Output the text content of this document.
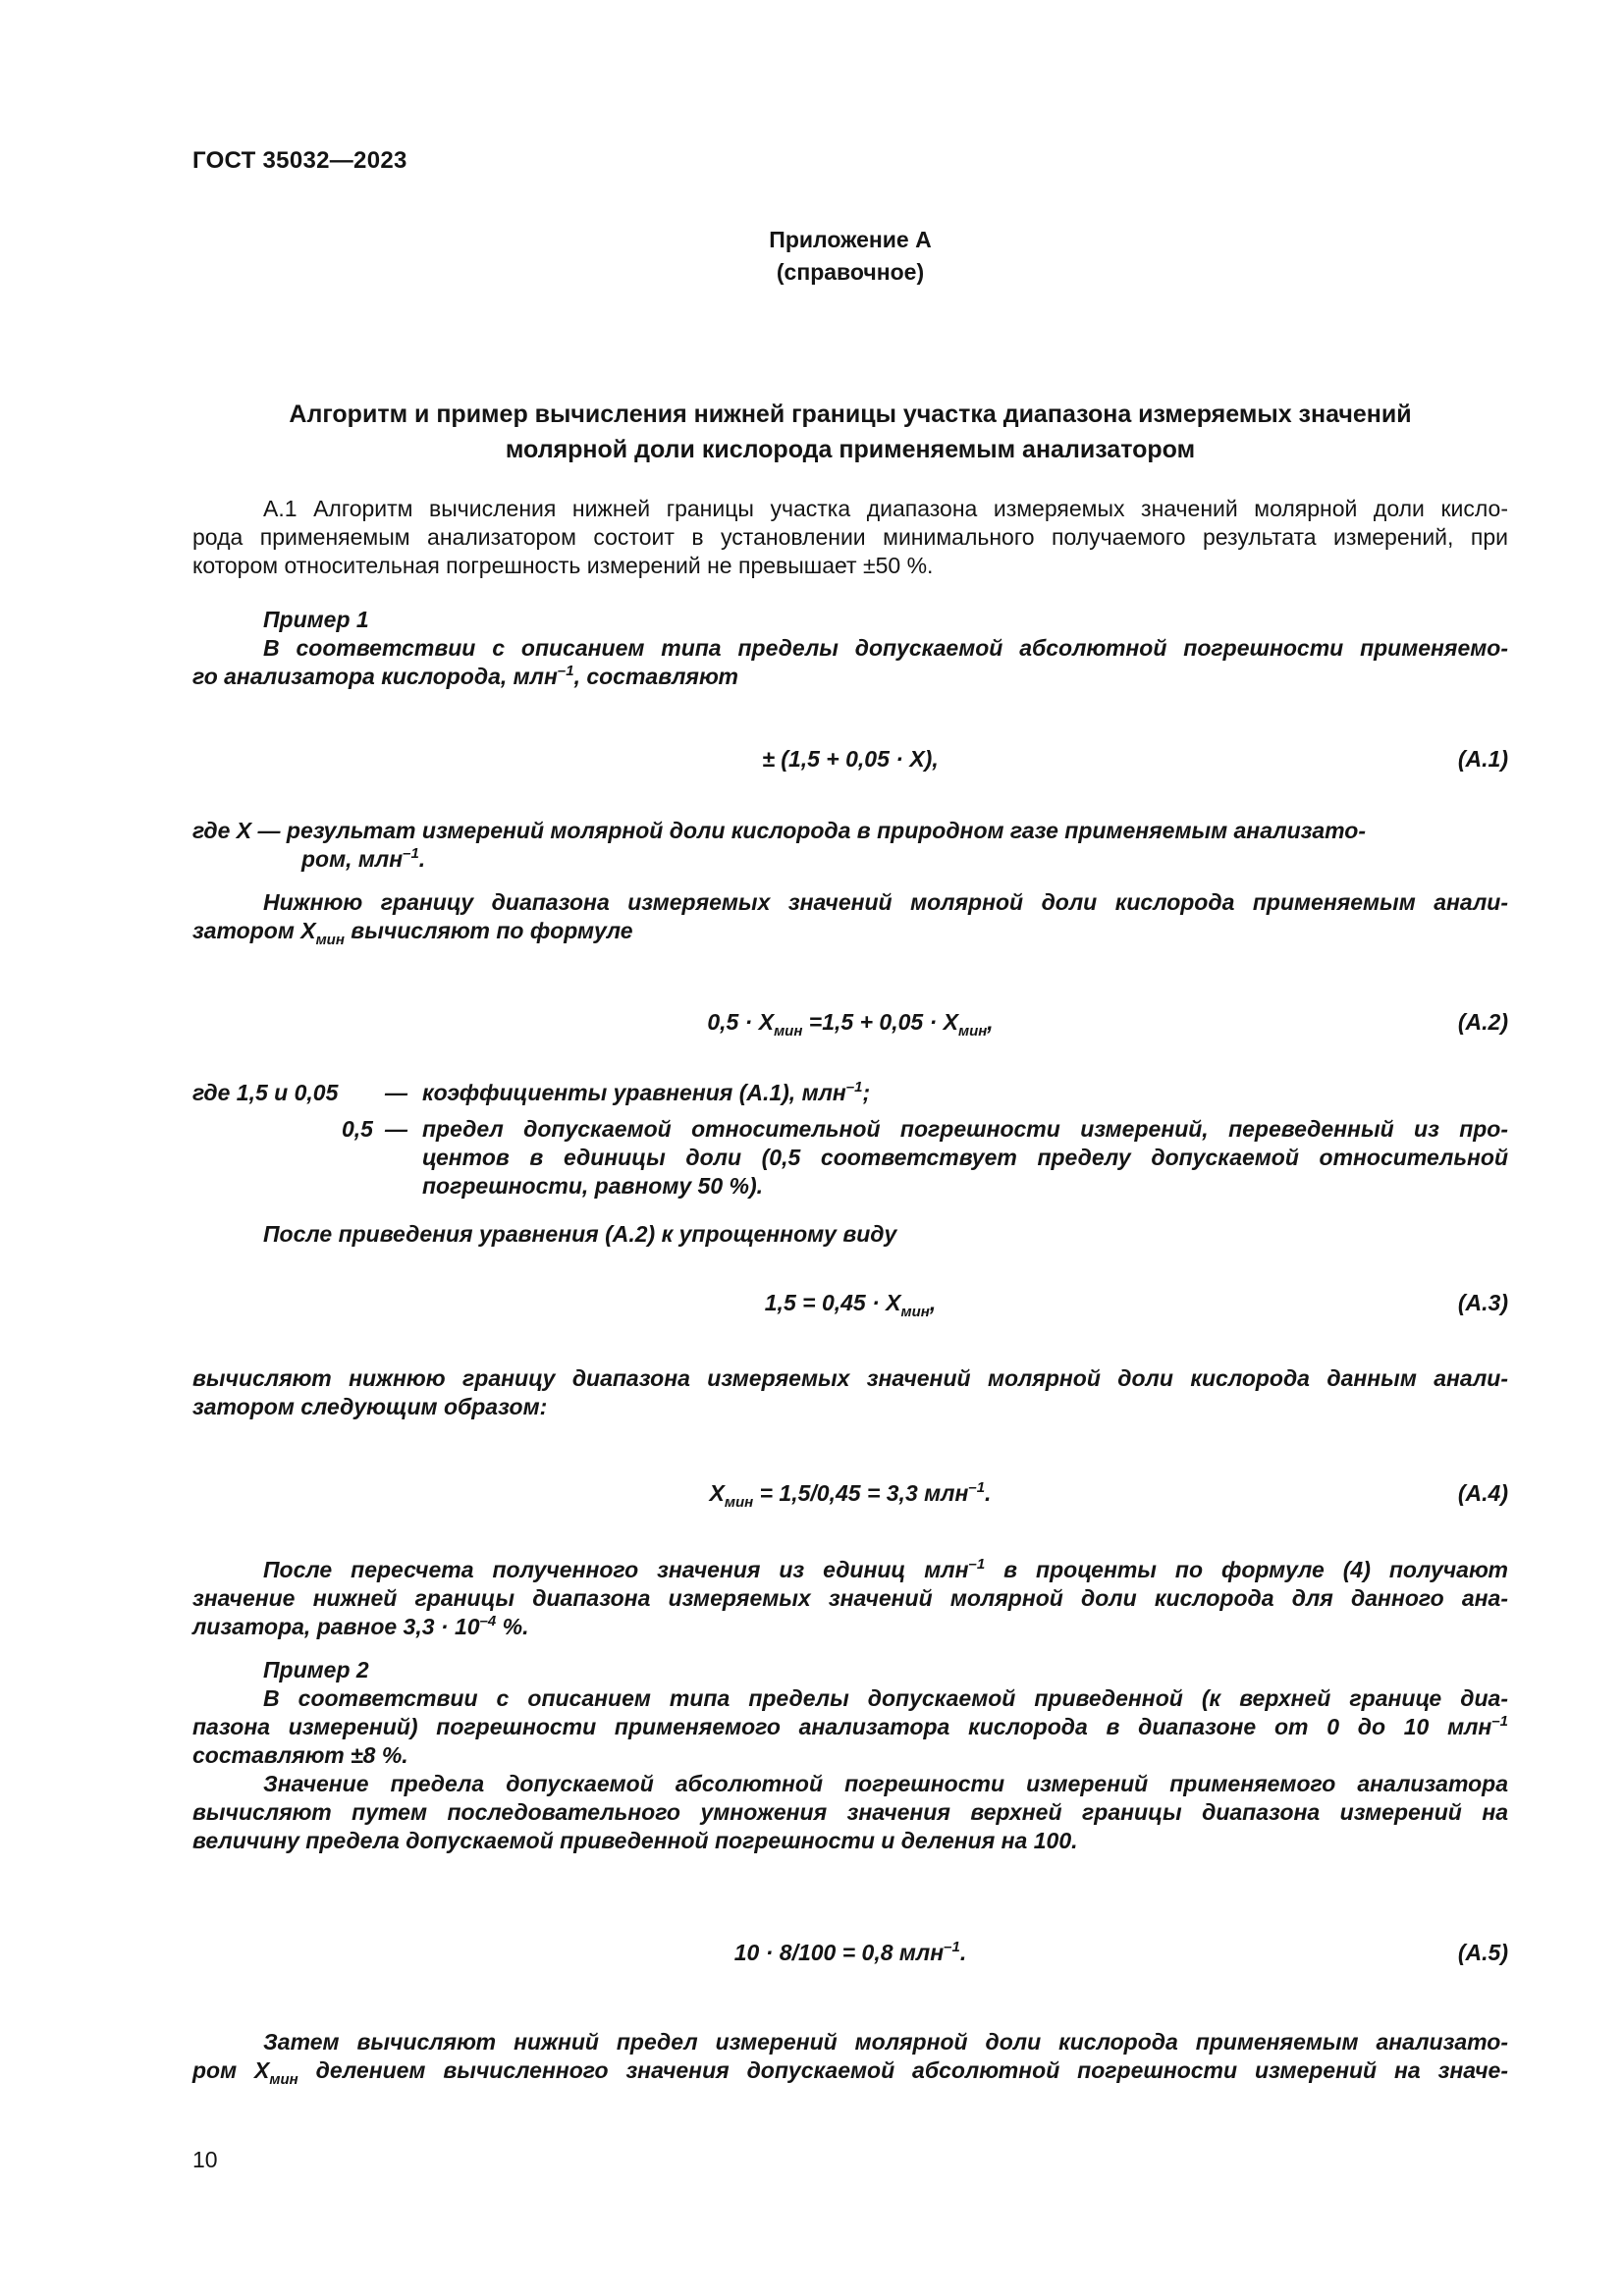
ГОСТ 35032—2023
Приложение А
(справочное)
Алгоритм и пример вычисления нижней границы участка диапазона измеряемых значений
молярной доли кислорода применяемым анализатором
А.1 Алгоритм вычисления нижней границы участка диапазона измеряемых значений молярной доли кисло-
рода применяемым анализатором состоит в установлении минимального получаемого результата измерений, при
котором относительная погрешность измерений не превышает ±50 %.
Пример 1
В соответствии с описанием типа пределы допускаемой абсолютной погрешности применяемо-
го анализатора кислорода, млн$^{-1}$, составляют
± (1,5 + 0,05 · X),	(А.1)
где X — результат измерений молярной доли кислорода в природном газе применяемым анализато-
ром, млн$^{-1}$.
Нижнюю границу диапазона измеряемых значений молярной доли кислорода применяемым анали-
затором $X_{мин}$ вычисляют по формуле
$0,5 \cdot X_{мин} =1,5 + 0,05 \cdot X_{мин}$,	(А.2)
где 1,5 и 0,05 — коэффициенты уравнения (А.1), млн$^{-1}$;
0,5 — предел допускаемой относительной погрешности измерений, переведенный из про-
центов в единицы доли (0,5 соответствует пределу допускаемой относительной
погрешности, равному 50 %).
После приведения уравнения (А.2) к упрощенному виду
$1,5 = 0,45 \cdot X_{мин}$,	(А.3)
вычисляют нижнюю границу диапазона измеряемых значений молярной доли кислорода данным анали-
затором следующим образом:
$X_{мин} = 1,5/0,45 = 3,3$ млн$^{-1}$.	(А.4)
После пересчета полученного значения из единиц млн$^{-1}$ в проценты по формуле (4) получают
значение нижней границы диапазона измеряемых значений молярной доли кислорода для данного ана-
лизатора, равное $3,3 \cdot 10^{-4}$ %.
Пример 2
В соответствии с описанием типа пределы допускаемой приведенной (к верхней границе диа-
пазона измерений) погрешности применяемого анализатора кислорода в диапазоне от 0 до 10 млн$^{-1}$
составляют ±8 %.
Значение предела допускаемой абсолютной погрешности измерений применяемого анализатора
вычисляют путем последовательного умножения значения верхней границы диапазона измерений на
величину предела допускаемой приведенной погрешности и деления на 100.
10 · 8/100 = 0,8 млн$^{-1}$.	(А.5)
Затем вычисляют нижний предел измерений молярной доли кислорода применяемым анализато-
ром $X_{мин}$ делением вычисленного значения допускаемой абсолютной погрешности измерений на значе-
10
